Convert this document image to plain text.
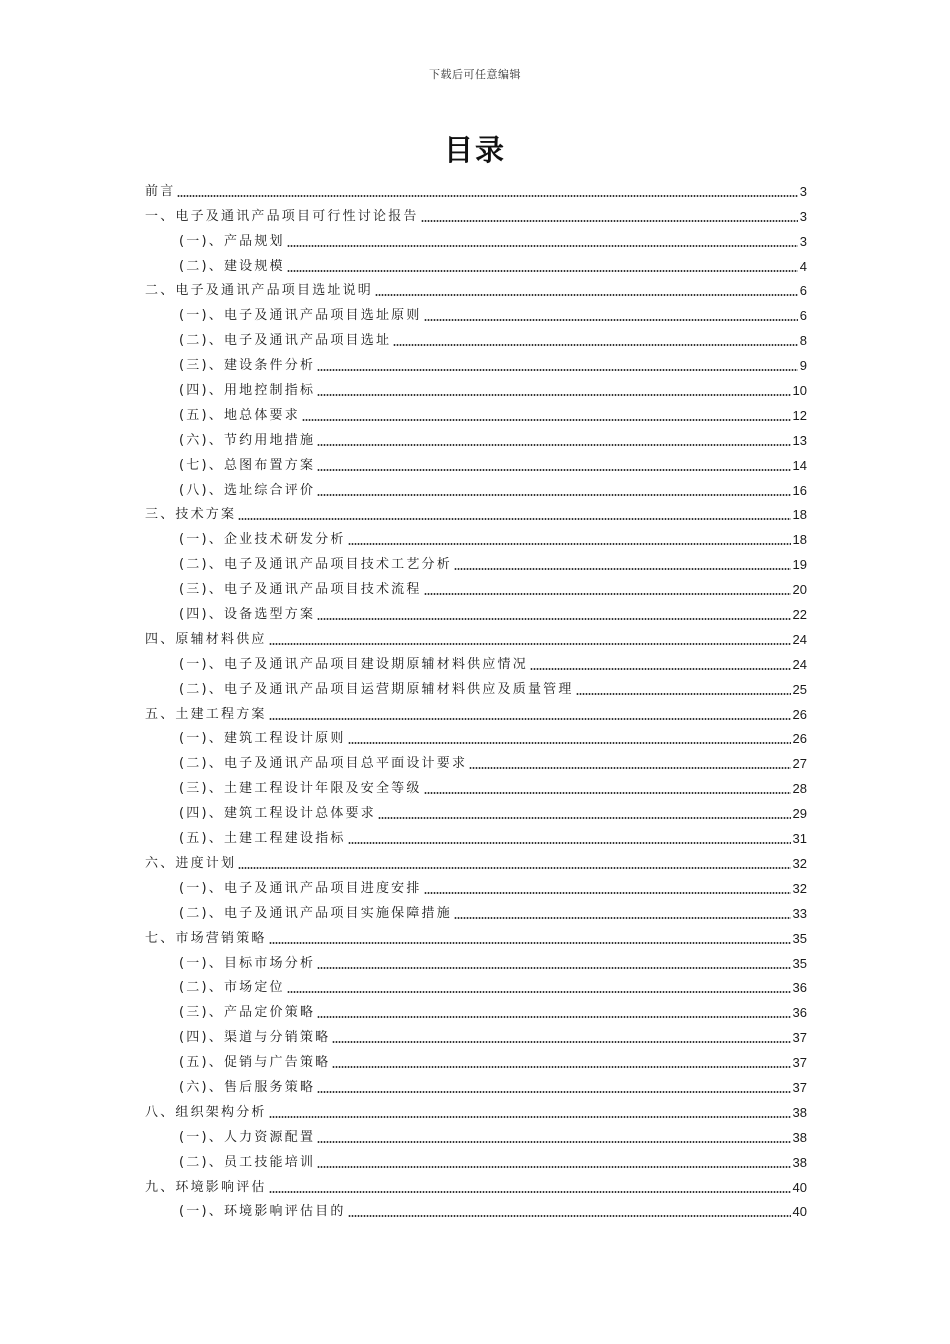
下载后可任意编辑
目录
前言	3
一、电子及通讯产品项目可行性讨论报告	3
(一)、产品规划	3
(二)、建设规模	4
二、电子及通讯产品项目选址说明	6
(一)、电子及通讯产品项目选址原则	6
(二)、电子及通讯产品项目选址	8
(三)、建设条件分析	9
(四)、用地控制指标	10
(五)、地总体要求	12
(六)、节约用地措施	13
(七)、总图布置方案	14
(八)、选址综合评价	16
三、技术方案	18
(一)、企业技术研发分析	18
(二)、电子及通讯产品项目技术工艺分析	19
(三)、电子及通讯产品项目技术流程	20
(四)、设备选型方案	22
四、原辅材料供应	24
(一)、电子及通讯产品项目建设期原辅材料供应情况	24
(二)、电子及通讯产品项目运营期原辅材料供应及质量管理	25
五、土建工程方案	26
(一)、建筑工程设计原则	26
(二)、电子及通讯产品项目总平面设计要求	27
(三)、土建工程设计年限及安全等级	28
(四)、建筑工程设计总体要求	29
(五)、土建工程建设指标	31
六、进度计划	32
(一)、电子及通讯产品项目进度安排	32
(二)、电子及通讯产品项目实施保障措施	33
七、市场营销策略	35
(一)、目标市场分析	35
(二)、市场定位	36
(三)、产品定价策略	36
(四)、渠道与分销策略	37
(五)、促销与广告策略	37
(六)、售后服务策略	37
八、组织架构分析	38
(一)、人力资源配置	38
(二)、员工技能培训	38
九、环境影响评估	40
(一)、环境影响评估目的	40
